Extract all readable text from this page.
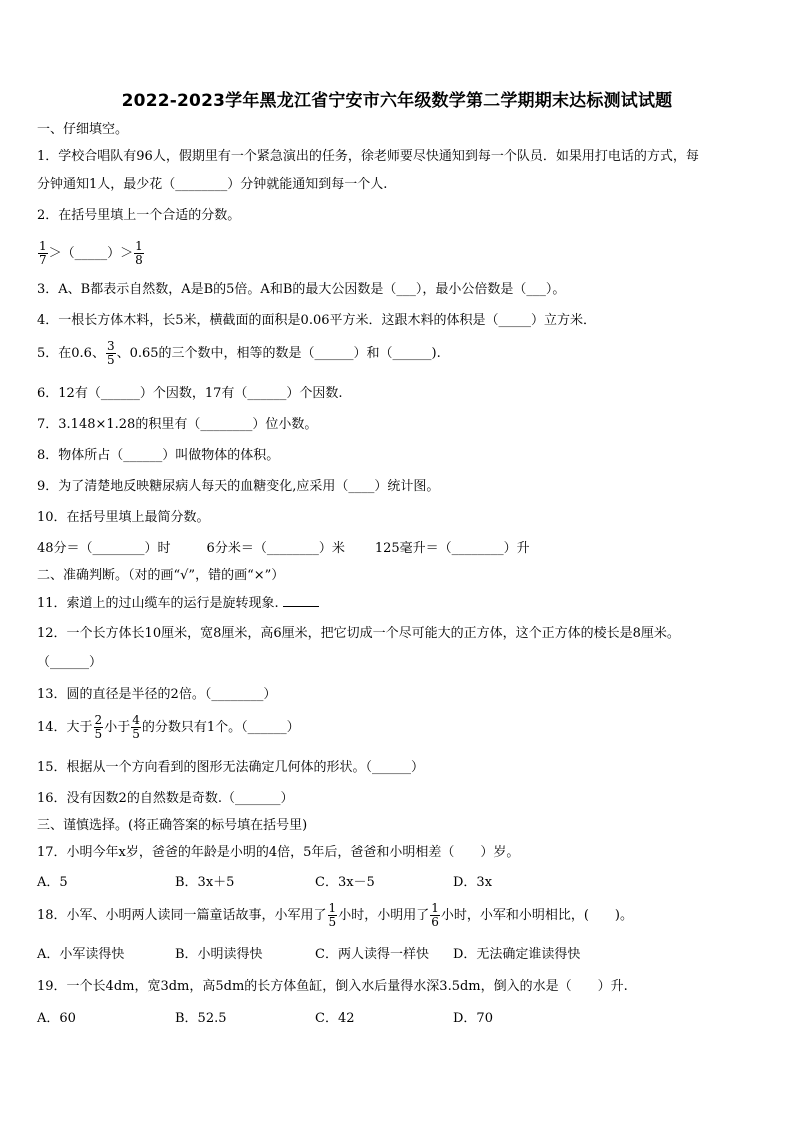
2022-2023学年黑龙江省宁安市六年级数学第二学期期末达标测试试题
一、仔细填空。
1．学校合唱队有96人，假期里有一个紧急演出的任务，徐老师要尽快通知到每一个队员．如果用打电话的方式，每
分钟通知1人，最少花（________）分钟就能通知到每一个人.
2．在括号里填上一个合适的分数。
$\frac{1}{7}$ ＞（_____）＞ $\frac{1}{8}$
3．A、B都表示自然数，A是B的5倍。A和B的最大公因数是（___），最小公倍数是（___）。
4．一根长方体木料，长5米，横截面的面积是0.06平方米．这跟木料的体积是（_____）立方米．
5．在0.6、 $\frac{3}{5}$ 、0.65的三个数中，相等的数是（______）和（______).
6．12有（______）个因数，17有（______）个因数.
7．3.148×1.28的积里有（________）位小数。
8．物体所占（______）叫做物体的体积。
9．为了清楚地反映糖尿病人每天的血糖变化,应采用（____）统计图。
10．在括号里填上最简分数。
48分＝（________）时	6分米＝（________）米 125毫升＝（________）升
二、准确判断。（对的画“√”，错的画“×”）
11．索道上的过山缆车的运行是旋转现象.
12．一个长方体长10厘米，宽8厘米，高6厘米，把它切成一个尽可能大的正方体，这个正方体的棱长是8厘米。
（______）
13．圆的直径是半径的2倍。（________）
14．大于 $\frac{2}{5}$ 小于 $\frac{4}{5}$ 的分数只有1个。（______）
15．根据从一个方向看到的图形无法确定几何体的形状。（______）
16．没有因数2的自然数是奇数.（_______）
三、谨慎选择。(将正确答案的标号填在括号里)
17．小明今年x岁，爸爸的年龄是小明的4倍，5年后，爸爸和小明相差（　　）岁。
A．5	B．3x＋5	C．3x－5	D．3x
18．小军、小明两人读同一篇童话故事，小军用了 $\frac{1}{5}$ 小时，小明用了 $\frac{1}{6}$ 小时，小军和小明相比，(　　)。
A．小军读得快	B．小明读得快	C．两人读得一样快 D．无法确定谁读得快
19．一个长4dm，宽3dm，高5dm的长方体鱼缸，倒入水后量得水深3.5dm，倒入的水是（　　）升.
A．60	B．52.5	C．42	D．70
